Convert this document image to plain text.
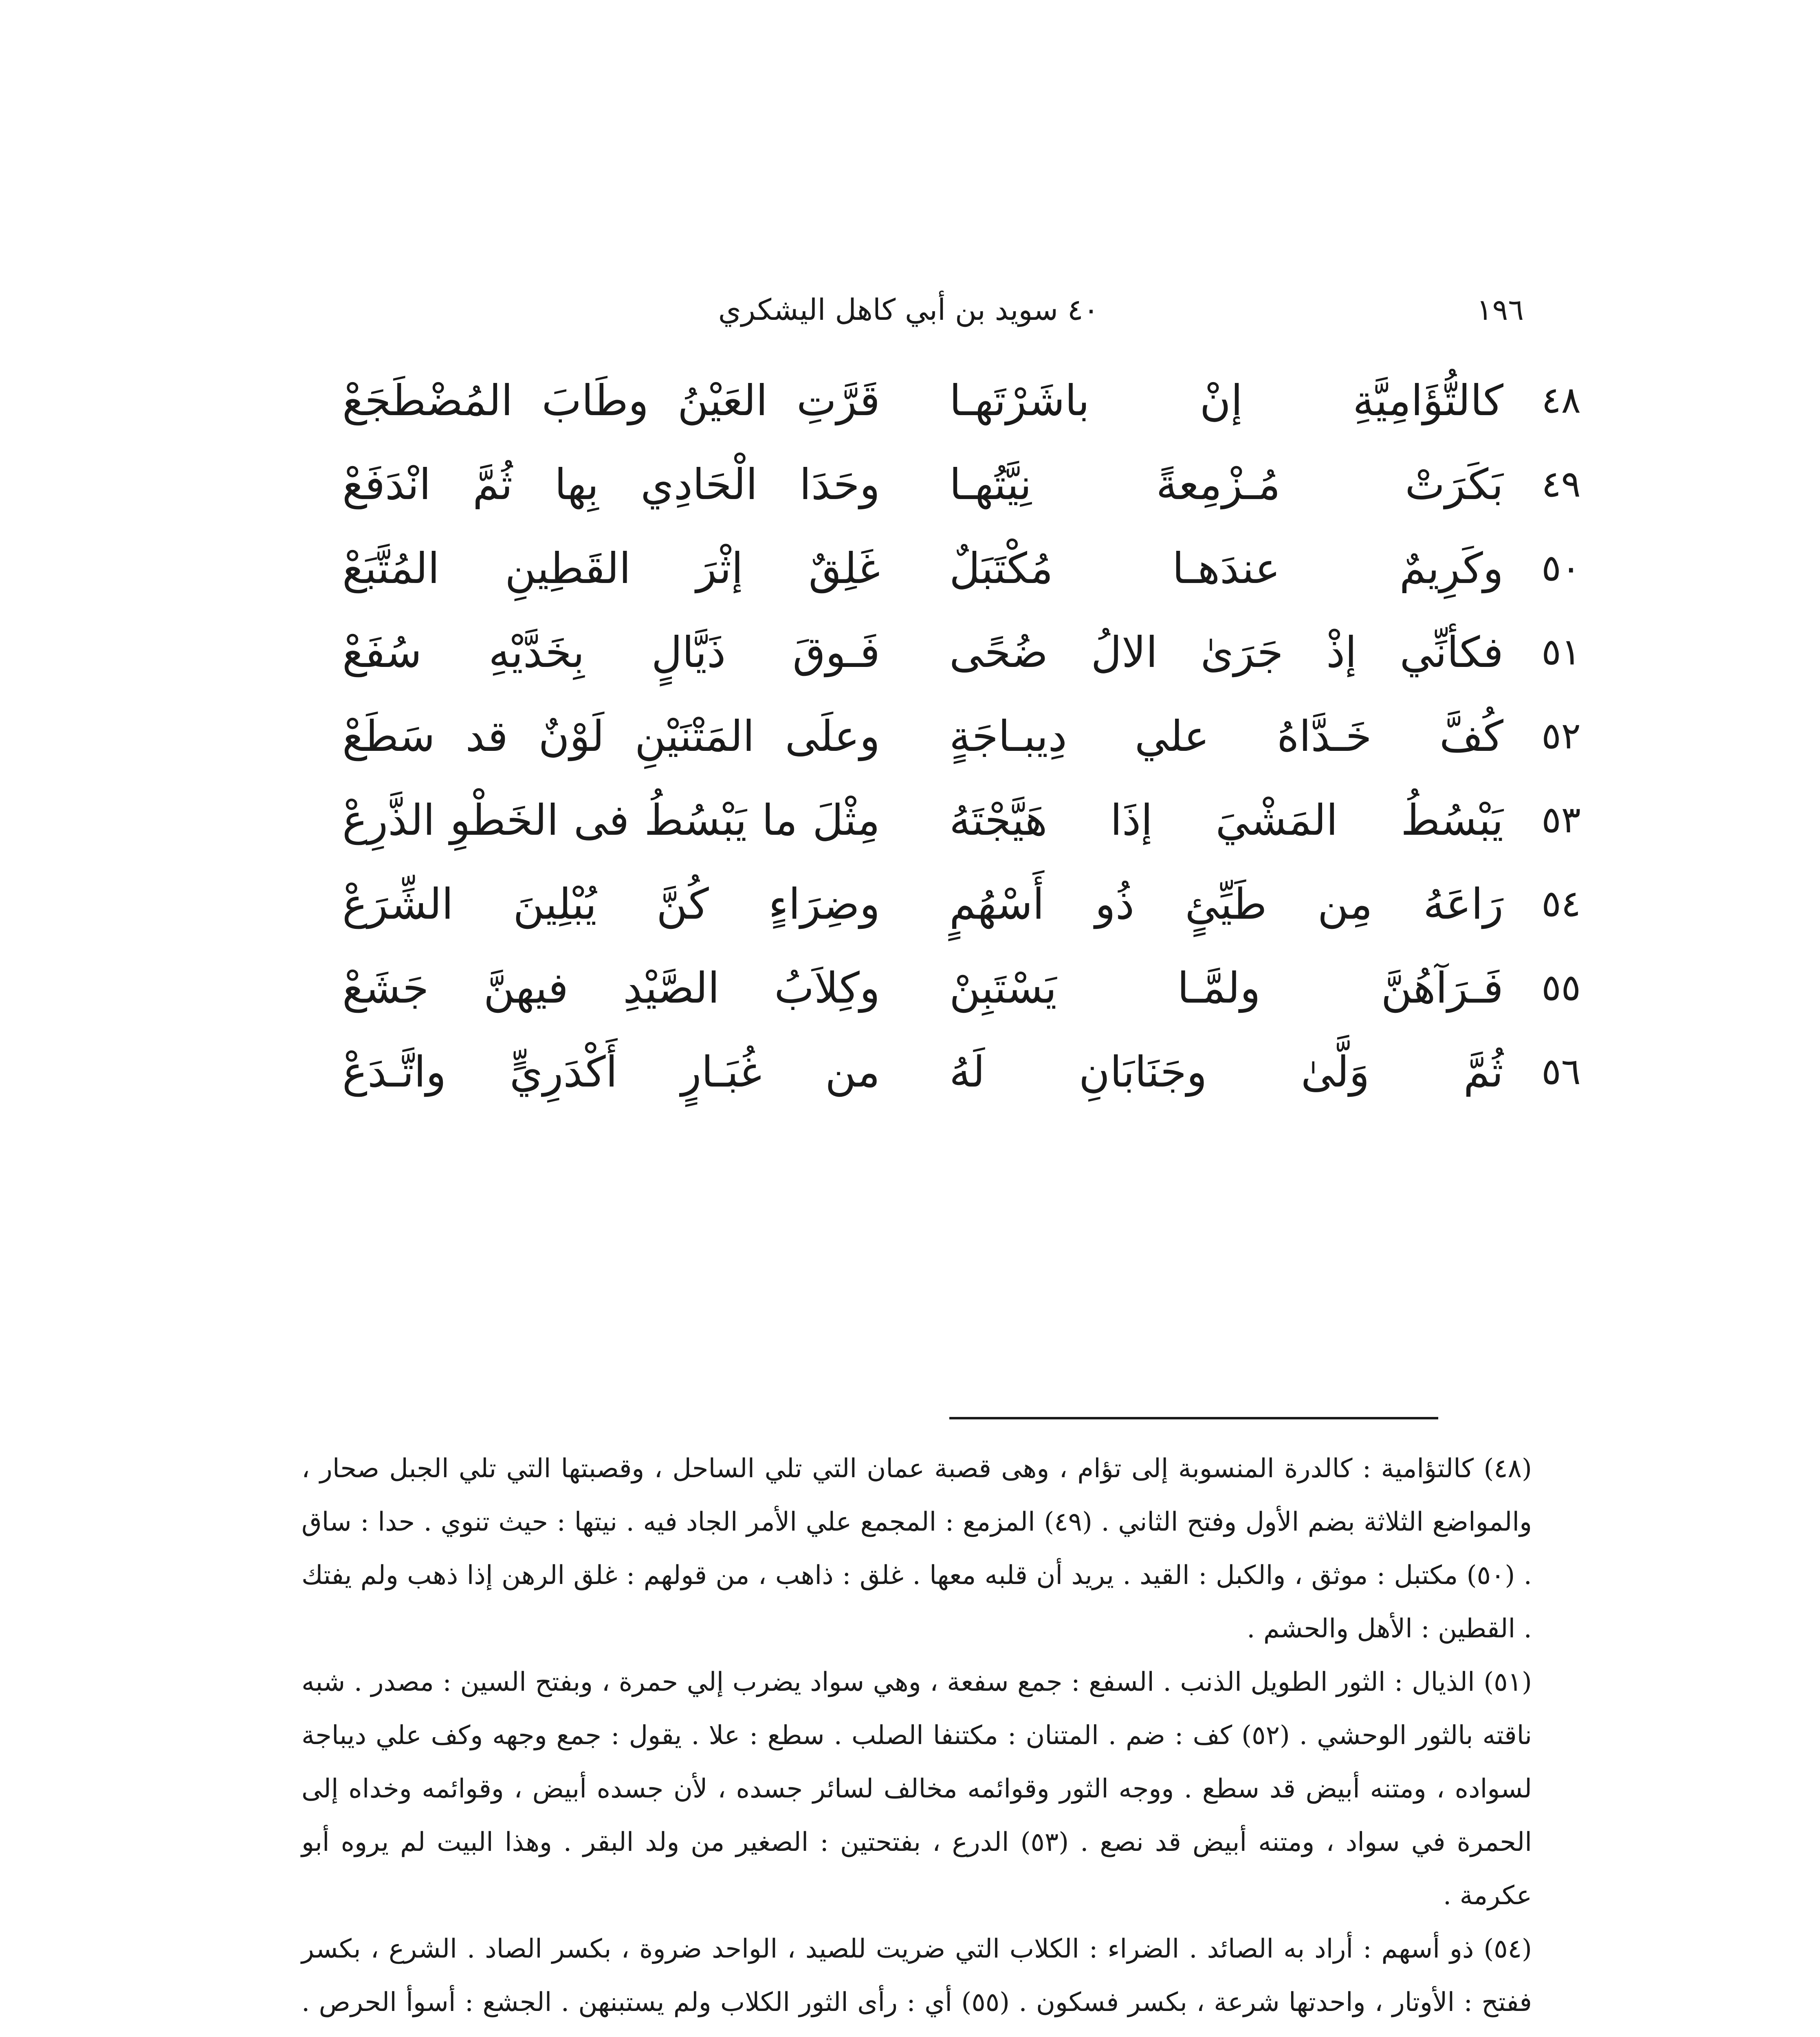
١٩٦
٤٠ سويد بن أبي كاهل اليشكري
٤٨
كالتُّؤَامِيَّةِ إنْ باشَرْتَهـا
قَرَّتِ العَيْنُ وطَابَ المُضْطَجَعْ
٤٩
بَكَرَتْ مُـزْمِعةً نِيَّتُهـا
وحَدَا الْحَادِي بِها ثُمَّ انْدَفَعْ
٥٠
وكَرِيمٌ عندَهـا مُكْتَبَلٌ
غَلِقٌ إثْرَ القَطِينِ المُتَّبَعْ
٥١
فكأنِّي إذْ جَرَىٰ الالُ ضُحًى
فَـوقَ ذَيَّالٍ بِخَدَّيْهِ سُفَعْ
٥٢
كُفَّ خَـدَّاهُ علي دِيبـاجَةٍ
وعلَى المَتْنَيْنِ لَوْنٌ قد سَطَعْ
٥٣
يَبْسُطُ المَشْيَ إذَا هَيَّجْتَهُ
مِثْلَ ما يَبْسُطُ فى الخَطْوِ الذَّرِعْ
٥٤
رَاعَهُ مِن طَيِّئٍ ذُو أَسْهُمٍ
وضِرَاءٍ كُنَّ يُبْلِينَ الشِّرَعْ
٥٥
فَـرَآهُنَّ ولمَّـا يَسْتَبِنْ
وكِلاَبُ الصَّيْدِ فيهنَّ جَشَعْ
٥٦
ثُمَّ وَلَّىٰ وجَنَابَانِ لَهُ
من غُبَـارٍ أَكْدَرِيٍّ واتَّـدَعْ

(٤٨) كالتؤامية : كالدرة المنسوبة إلى تؤام ، وهى قصبة عمان التي تلي الساحل ، وقصبتها التي تلي الجبل صحار ، والمواضع الثلاثة بضم الأول وفتح الثاني . (٤٩) المزمع : المجمع علي الأمر الجاد فيه . نيتها : حيث تنوي . حدا : ساق . (٥٠) مكتبل : موثق ، والكبل : القيد . يريد أن قلبه معها . غلق : ذاهب ، من قولهم : غلق الرهن إذا ذهب ولم يفتك . القطين : الأهل والحشم .

(٥١) الذيال : الثور الطويل الذنب . السفع : جمع سفعة ، وهي سواد يضرب إلي حمرة ، وبفتح السين : مصدر . شبه ناقته بالثور الوحشي . (٥٢) كف : ضم . المتنان : مكتنفا الصلب . سطع : علا . يقول : جمع وجهه وكف علي ديباجة لسواده ، ومتنه أبيض قد سطع . ووجه الثور وقوائمه مخالف لسائر جسده ، لأن جسده أبيض ، وقوائمه وخداه إلى الحمرة في سواد ، ومتنه أبيض قد نصع . (٥٣) الدرع ، بفتحتين : الصغير من ولد البقر . وهذا البيت لم يروه أبو عكرمة .

(٥٤) ذو أسهم : أراد به الصائد . الضراء : الكلاب التي ضريت للصيد ، الواحد ضروة ، بكسر الصاد . الشرع ، بكسر ففتح : الأوتار ، واحدتها شرعة ، بكسر فسكون . (٥٥) أي : رأى الثور الكلاب ولم يستبنهن . الجشع : أسوأ الحرص .
